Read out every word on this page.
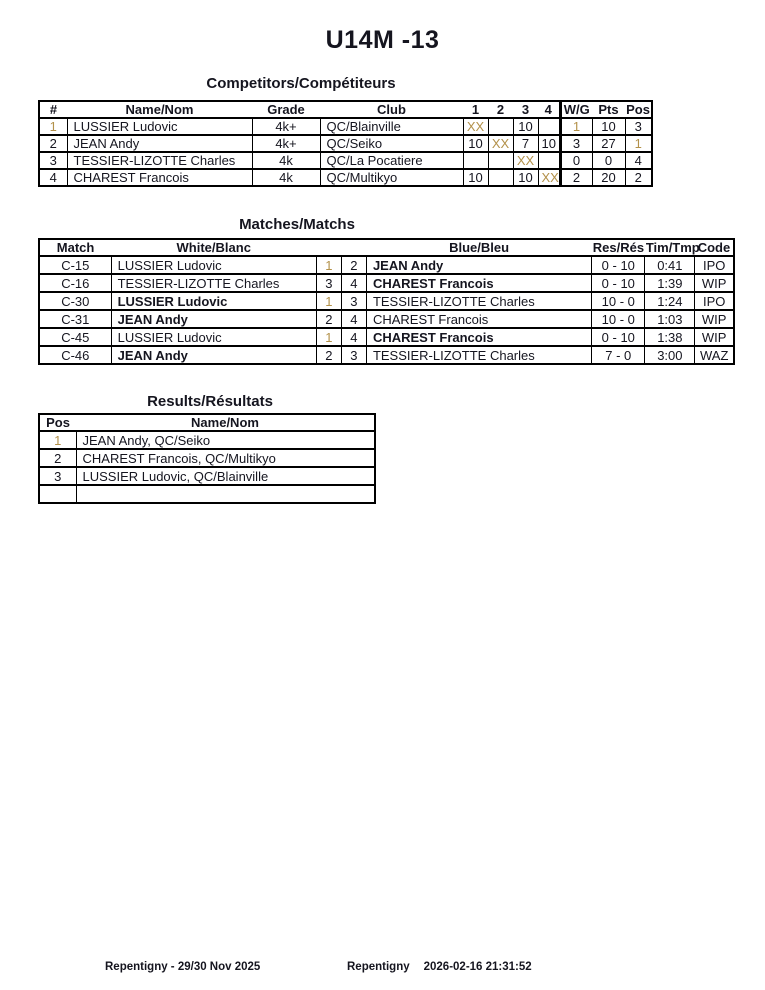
U14M -13
Competitors/Compétiteurs
#	Name/Nom	Grade	Club	1	2	3	4	W/G	Pts	Pos
1	LUSSIER Ludovic	4k+	QC/Blainville	XX		10		1	10	3
2	JEAN Andy	4k+	QC/Seiko	10	XX	7	10	3	27	1
3	TESSIER-LIZOTTE Charles	4k	QC/La Pocatiere			XX		0	0	4
4	CHAREST Francois	4k	QC/Multikyo	10		10	XX	2	20	2
Matches/Matchs
Match	White/Blanc			Blue/Bleu	Res/Rés	Tim/Tmp	Code
C-15	LUSSIER Ludovic	1	2	JEAN Andy	0 - 10	0:41	IPO
C-16	TESSIER-LIZOTTE Charles	3	4	CHAREST Francois	0 - 10	1:39	WIP
C-30	LUSSIER Ludovic	1	3	TESSIER-LIZOTTE Charles	10 - 0	1:24	IPO
C-31	JEAN Andy	2	4	CHAREST Francois	10 - 0	1:03	WIP
C-45	LUSSIER Ludovic	1	4	CHAREST Francois	0 - 10	1:38	WIP
C-46	JEAN Andy	2	3	TESSIER-LIZOTTE Charles	7 - 0	3:00	WAZ
Results/Résultats
Pos	Name/Nom
1	JEAN Andy, QC/Seiko
2	CHAREST Francois, QC/Multikyo
3	LUSSIER Ludovic, QC/Blainville

Repentigny - 29/30 Nov 2025	Repentigny 2026-02-16 21:31:52
